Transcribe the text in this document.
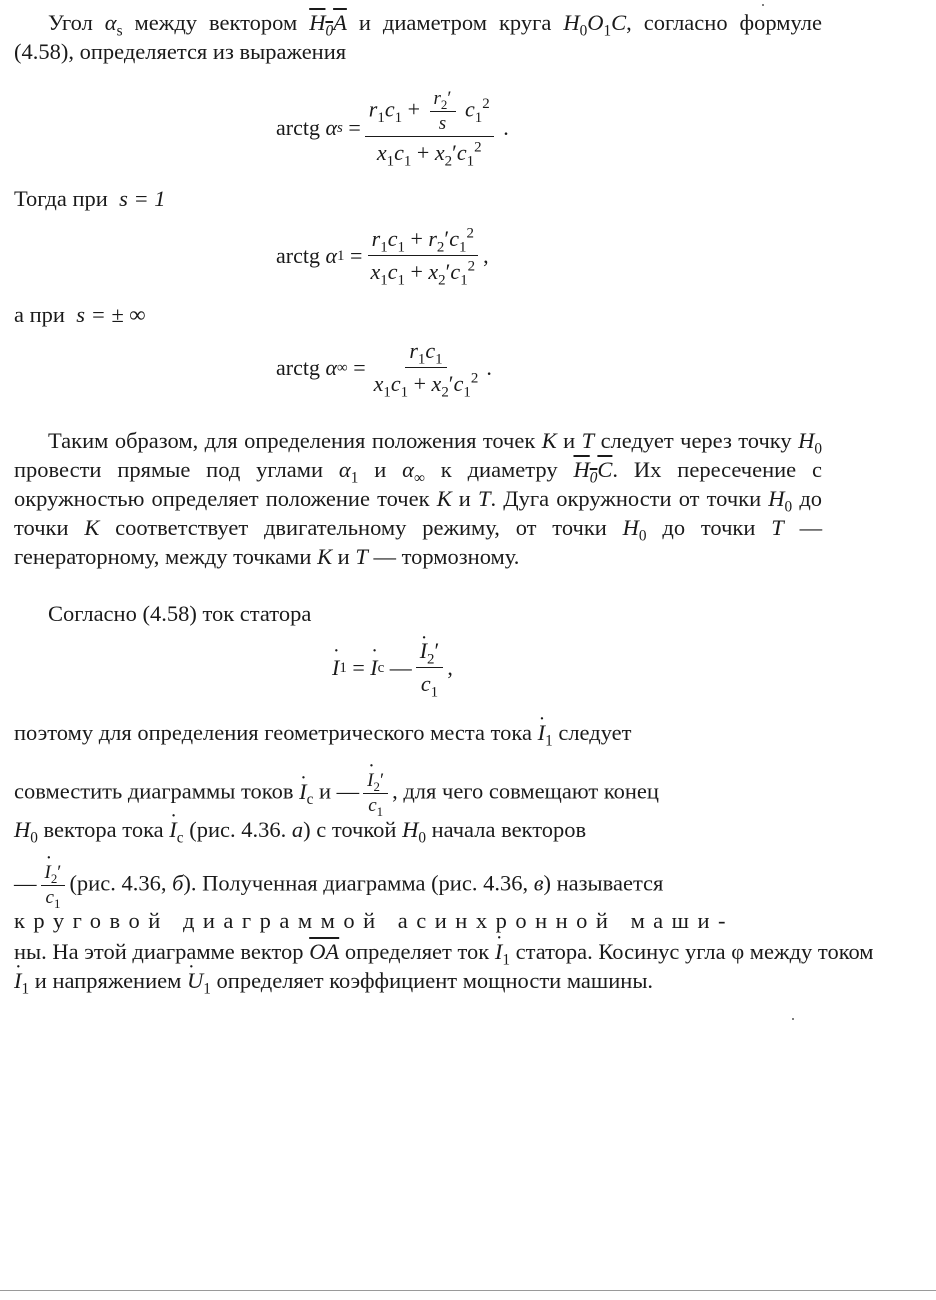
Угол $\alpha_s$ между вектором $H_0A$ и диаметром круга $H_0O_1C$, согласно формуле (4.58), определяется из выражения

arctg
α $s = \frac{r_1c_1 + \frac{r_2'}{s} c_1^2}{x_1c_1 + x_2'c_1^2}$ .
Тогда при s = 1
arctg
α $1 = \frac{r_1c_1 + r_2'c_1^2}{x_1c_1 + x_2'c_1^2}$ ,
а при s = ± ∞
arctg
α ∞ = $\frac{r_1c_1}{x_1c_1 + x_2'c_1^2}$ .

Таким образом, для определения положения точек К и Т следует через точку $H_0$ провести прямые под углами $\alpha_1$ и $\alpha_\infty$ к диаметру $H_0C$. Их пересечение с окружностью определяет положение точек К и Т. Дуга окружности от точки $H_0$ до точки К соответствует двигательному режиму, от точки $H_0$ до точки Т — генераторному, между точками К и Т — тормозному.

Согласно (4.58) ток статора
· I 1 = · I c — · $\frac{I_2'}{c_1}$ ,
поэтому для определения геометрического места тока · $I_1$ следует
совместить диаграммы токов · $I_c$ и — · $\frac{I_2'}{c_1}$ , для чего совмещают конец
$H_0$ вектора тока · $I_c$ (рис. 4.36. а) с точкой $H_0$ начала векторов
— · $\frac{I_2'}{c_1} (рис$. 4.36, б). Полученная диаграмма (рис. 4.36, в) называется
круговой диаграммой асинхронной маши-
ны. На этой диаграмме вектор $\overline{OA}$ определяет ток · $I_1$ статора. Косинус угла φ между током

· $I_1$ и напряжением · $U_1$ определяет коэффициент мощности машины.
